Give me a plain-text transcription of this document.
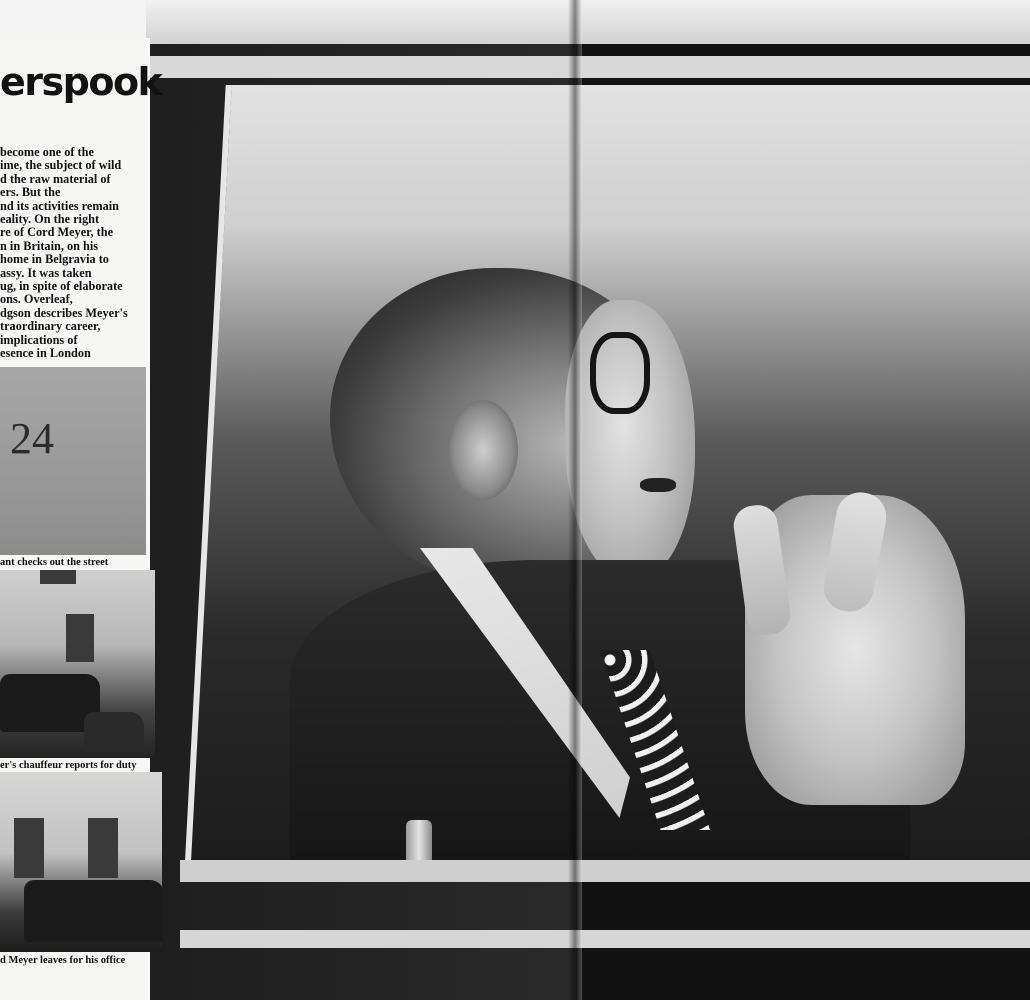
erspook

become one of the
ime, the subject of wild
d the raw material of
ers. But the
nd its activities remain
eality. On the right
re of Cord Meyer, the
n in Britain, on his
home in Belgravia to
assy. It was taken
ug, in spite of elaborate
ons. Overleaf,
dgson describes Meyer's
traordinary career,
implications of
esence in London

24

ant checks out the street

er's chauffeur reports for duty

d Meyer leaves for his office
